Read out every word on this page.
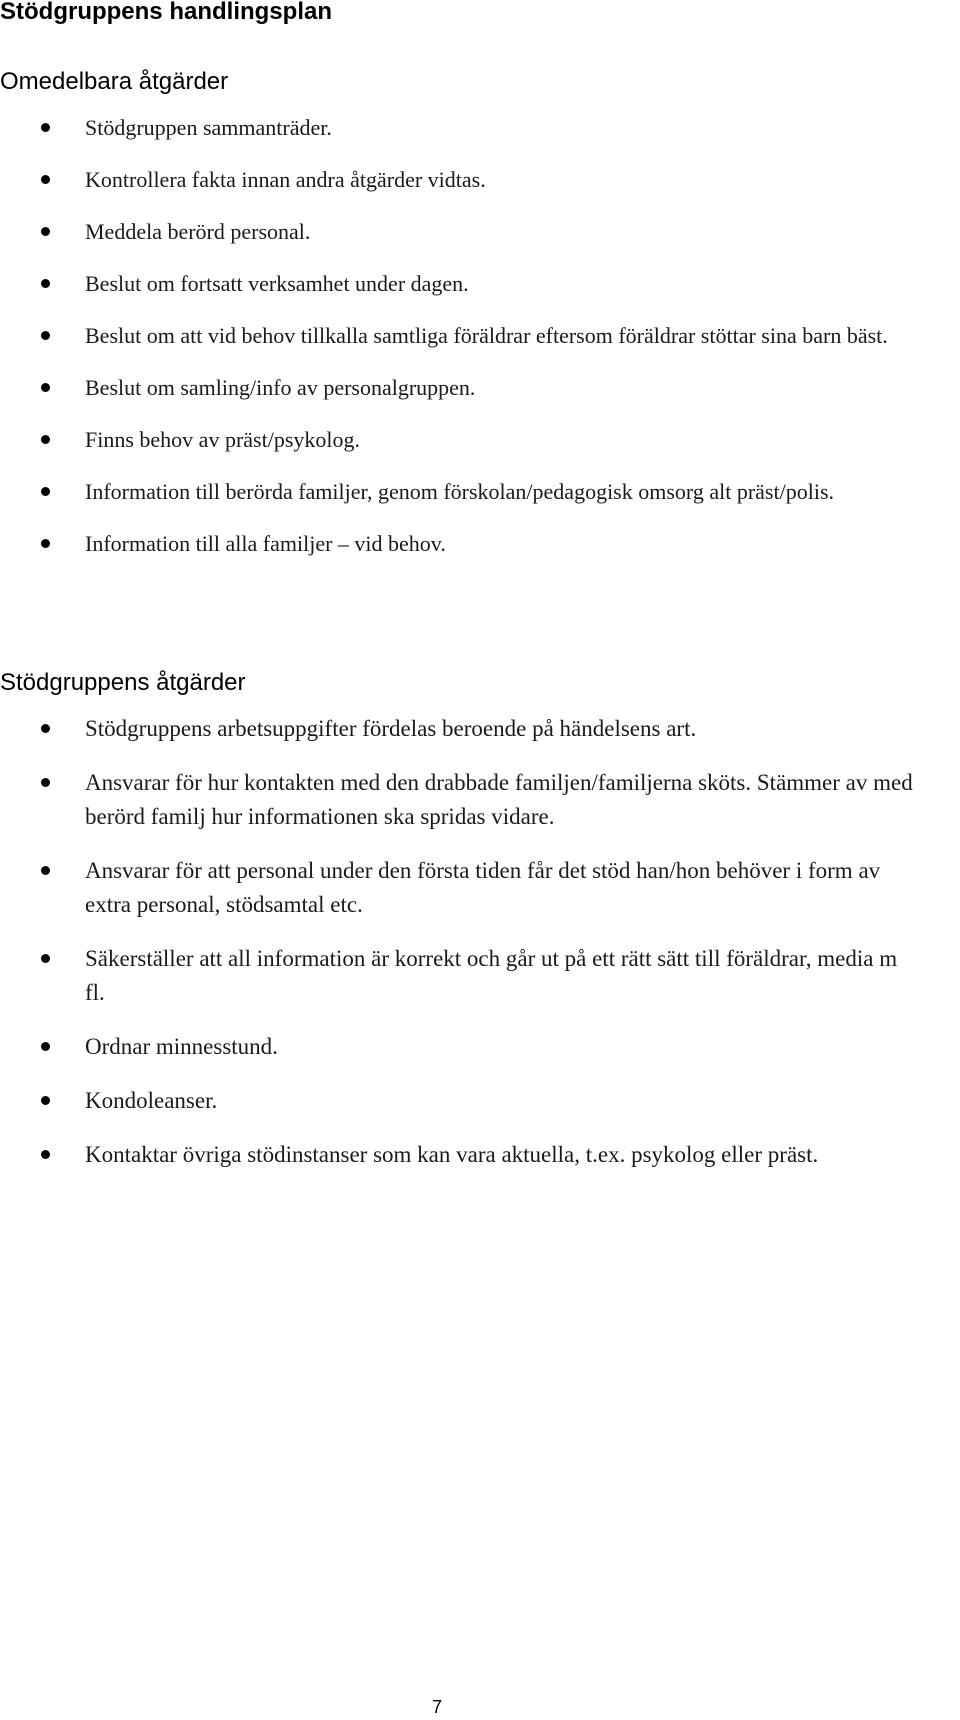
Stödgruppens handlingsplan
Omedelbara åtgärder
Stödgruppen sammanträder.
Kontrollera fakta innan andra åtgärder vidtas.
Meddela berörd personal.
Beslut om fortsatt verksamhet under dagen.
Beslut om att vid behov tillkalla samtliga föräldrar eftersom föräldrar stöttar sina barn bäst.
Beslut om samling/info av personalgruppen.
Finns behov av präst/psykolog.
Information till berörda familjer, genom förskolan/pedagogisk omsorg alt präst/polis.
Information till alla familjer – vid behov.
Stödgruppens åtgärder
Stödgruppens arbetsuppgifter fördelas beroende på händelsens art.
Ansvarar för hur kontakten med den drabbade familjen/familjerna sköts. Stämmer av med berörd familj hur informationen ska spridas vidare.
Ansvarar för att personal under den första tiden får det stöd han/hon behöver i form av extra personal, stödsamtal etc.
Säkerställer att all information är korrekt och går ut på ett rätt sätt till föräldrar, media m fl.
Ordnar minnesstund.
Kondoleanser.
Kontaktar övriga stödinstanser som kan vara aktuella, t.ex. psykolog eller präst.
7
